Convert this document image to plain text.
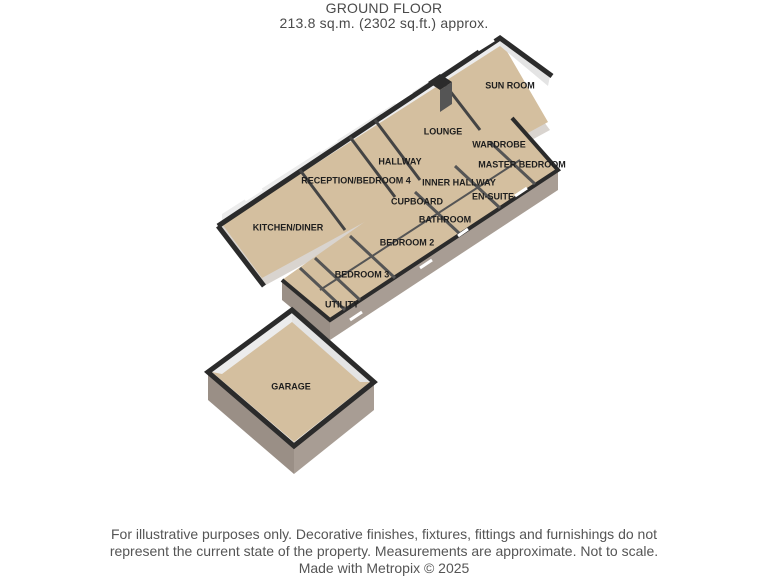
GROUND FLOOR
213.8 sq.m. (2302 sq.ft.) approx.
SUN ROOM
LOUNGE
HALLWAY
RECEPTION/BEDROOM 4
KITCHEN/DINER
WARDROBE
MASTER BEDROOM
INNER HALLWAY
EN-SUITE
CUPBOARD
BATHROOM
BEDROOM 2
BEDROOM 3
UTILITY
GARAGE
For illustrative purposes only. Decorative finishes, fixtures, fittings and furnishings do not
represent the current state of the property. Measurements are approximate. Not to scale.
Made with Metropix © 2025
